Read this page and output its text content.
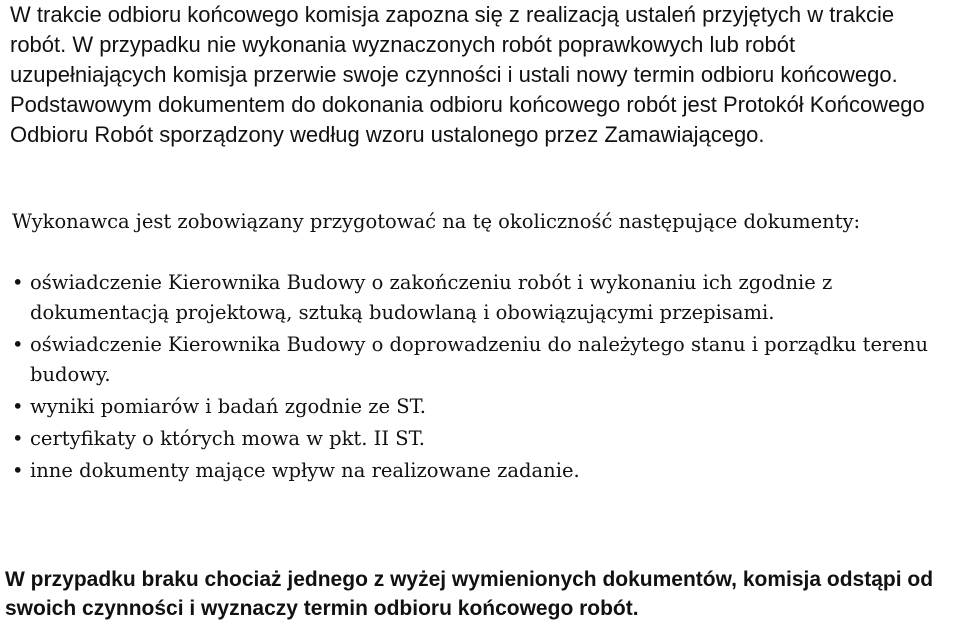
W trakcie odbioru końcowego komisja zapozna się z realizacją ustaleń przyjętych w trakcie robót. W przypadku nie wykonania wyznaczonych robót poprawkowych lub robót uzupełniających komisja przerwie swoje czynności i ustali nowy termin odbioru końcowego. Podstawowym dokumentem do dokonania odbioru końcowego robót jest Protokół Końcowego Odbioru Robót sporządzony według wzoru ustalonego przez Zamawiającego.

Wykonawca jest zobowiązany przygotować na tę okoliczność następujące dokumenty:

• oświadczenie Kierownika Budowy o zakończeniu robót i wykonaniu ich zgodnie z dokumentacją projektową, sztuką budowlaną i obowiązującymi przepisami.
• oświadczenie Kierownika Budowy o doprowadzeniu do należytego stanu i porządku terenu budowy.
• wyniki pomiarów i badań zgodnie ze ST.
• certyfikaty o których mowa w pkt. II ST.
• inne dokumenty mające wpływ na realizowane zadanie.

W przypadku braku chociaż jednego z wyżej wymienionych dokumentów, komisja odstąpi od swoich czynności i wyznaczy termin odbioru końcowego robót.
